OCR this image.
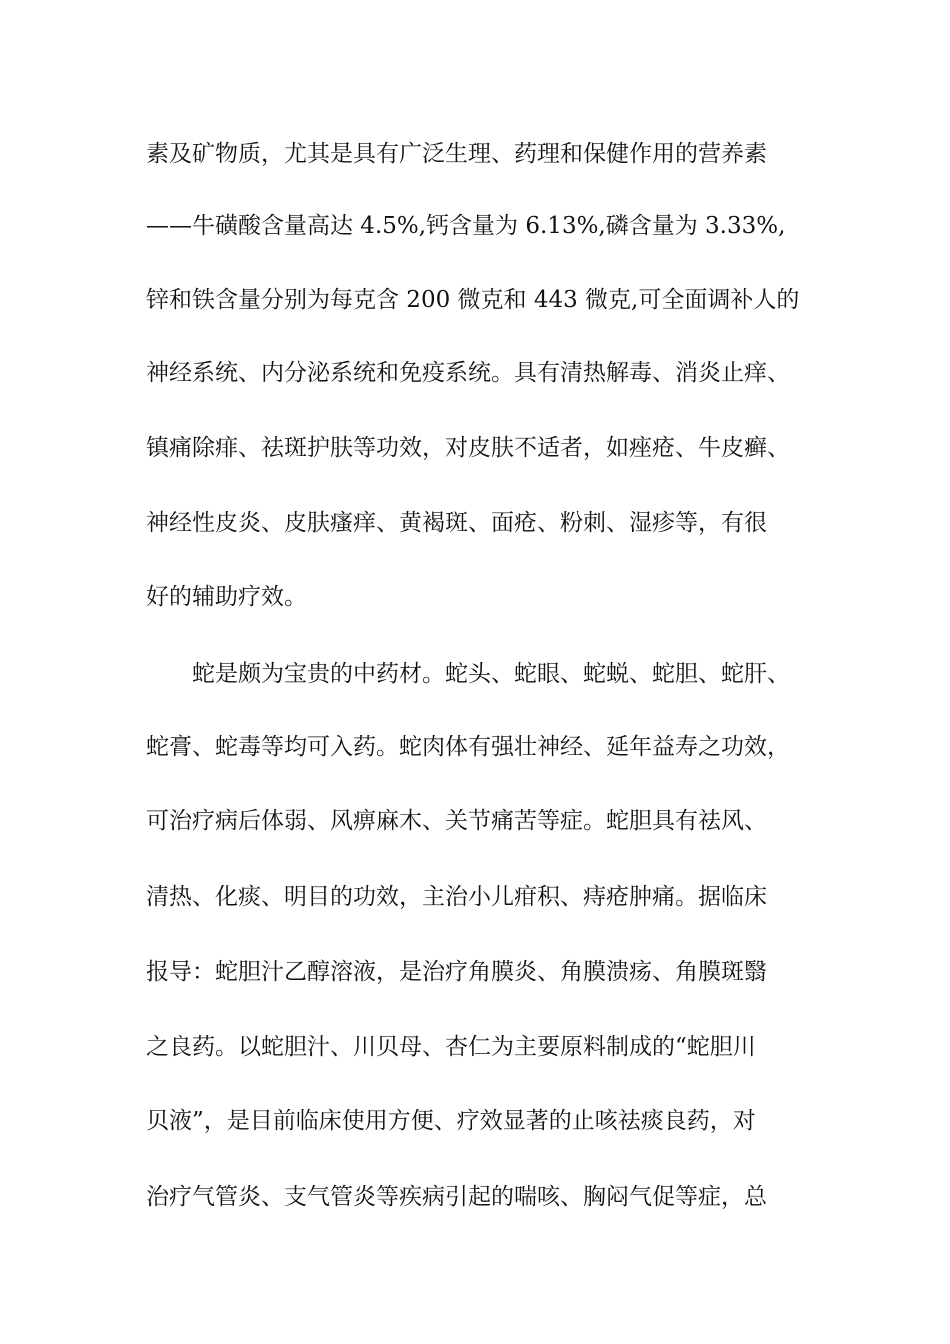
素及矿物质，尤其是具有广泛生理、药理和保健作用的营养素
——牛磺酸含量高达 4.5%,钙含量为 6.13%,磷含量为 3.33%,
锌和铁含量分别为每克含 200 微克和 443 微克,可全面调补人的
神经系统、内分泌系统和免疫系统。具有清热解毒、消炎止痒、
镇痛除痱、祛斑护肤等功效，对皮肤不适者，如痤疮、牛皮癣、
神经性皮炎、皮肤瘙痒、黄褐斑、面疮、粉刺、湿疹等，有很
好的辅助疗效。
蛇是颇为宝贵的中药材。蛇头、蛇眼、蛇蜕、蛇胆、蛇肝、
蛇膏、蛇毒等均可入药。蛇肉体有强壮神经、延年益寿之功效，
可治疗病后体弱、风痹麻木、关节痛苦等症。蛇胆具有祛风、
清热、化痰、明目的功效，主治小儿疳积、痔疮肿痛。据临床
报导：蛇胆汁乙醇溶液，是治疗角膜炎、角膜溃疡、角膜斑翳
之良药。以蛇胆汁、川贝母、杏仁为主要原料制成的“蛇胆川
贝液”，是目前临床使用方便、疗效显著的止咳祛痰良药，对
治疗气管炎、支气管炎等疾病引起的喘咳、胸闷气促等症，总
